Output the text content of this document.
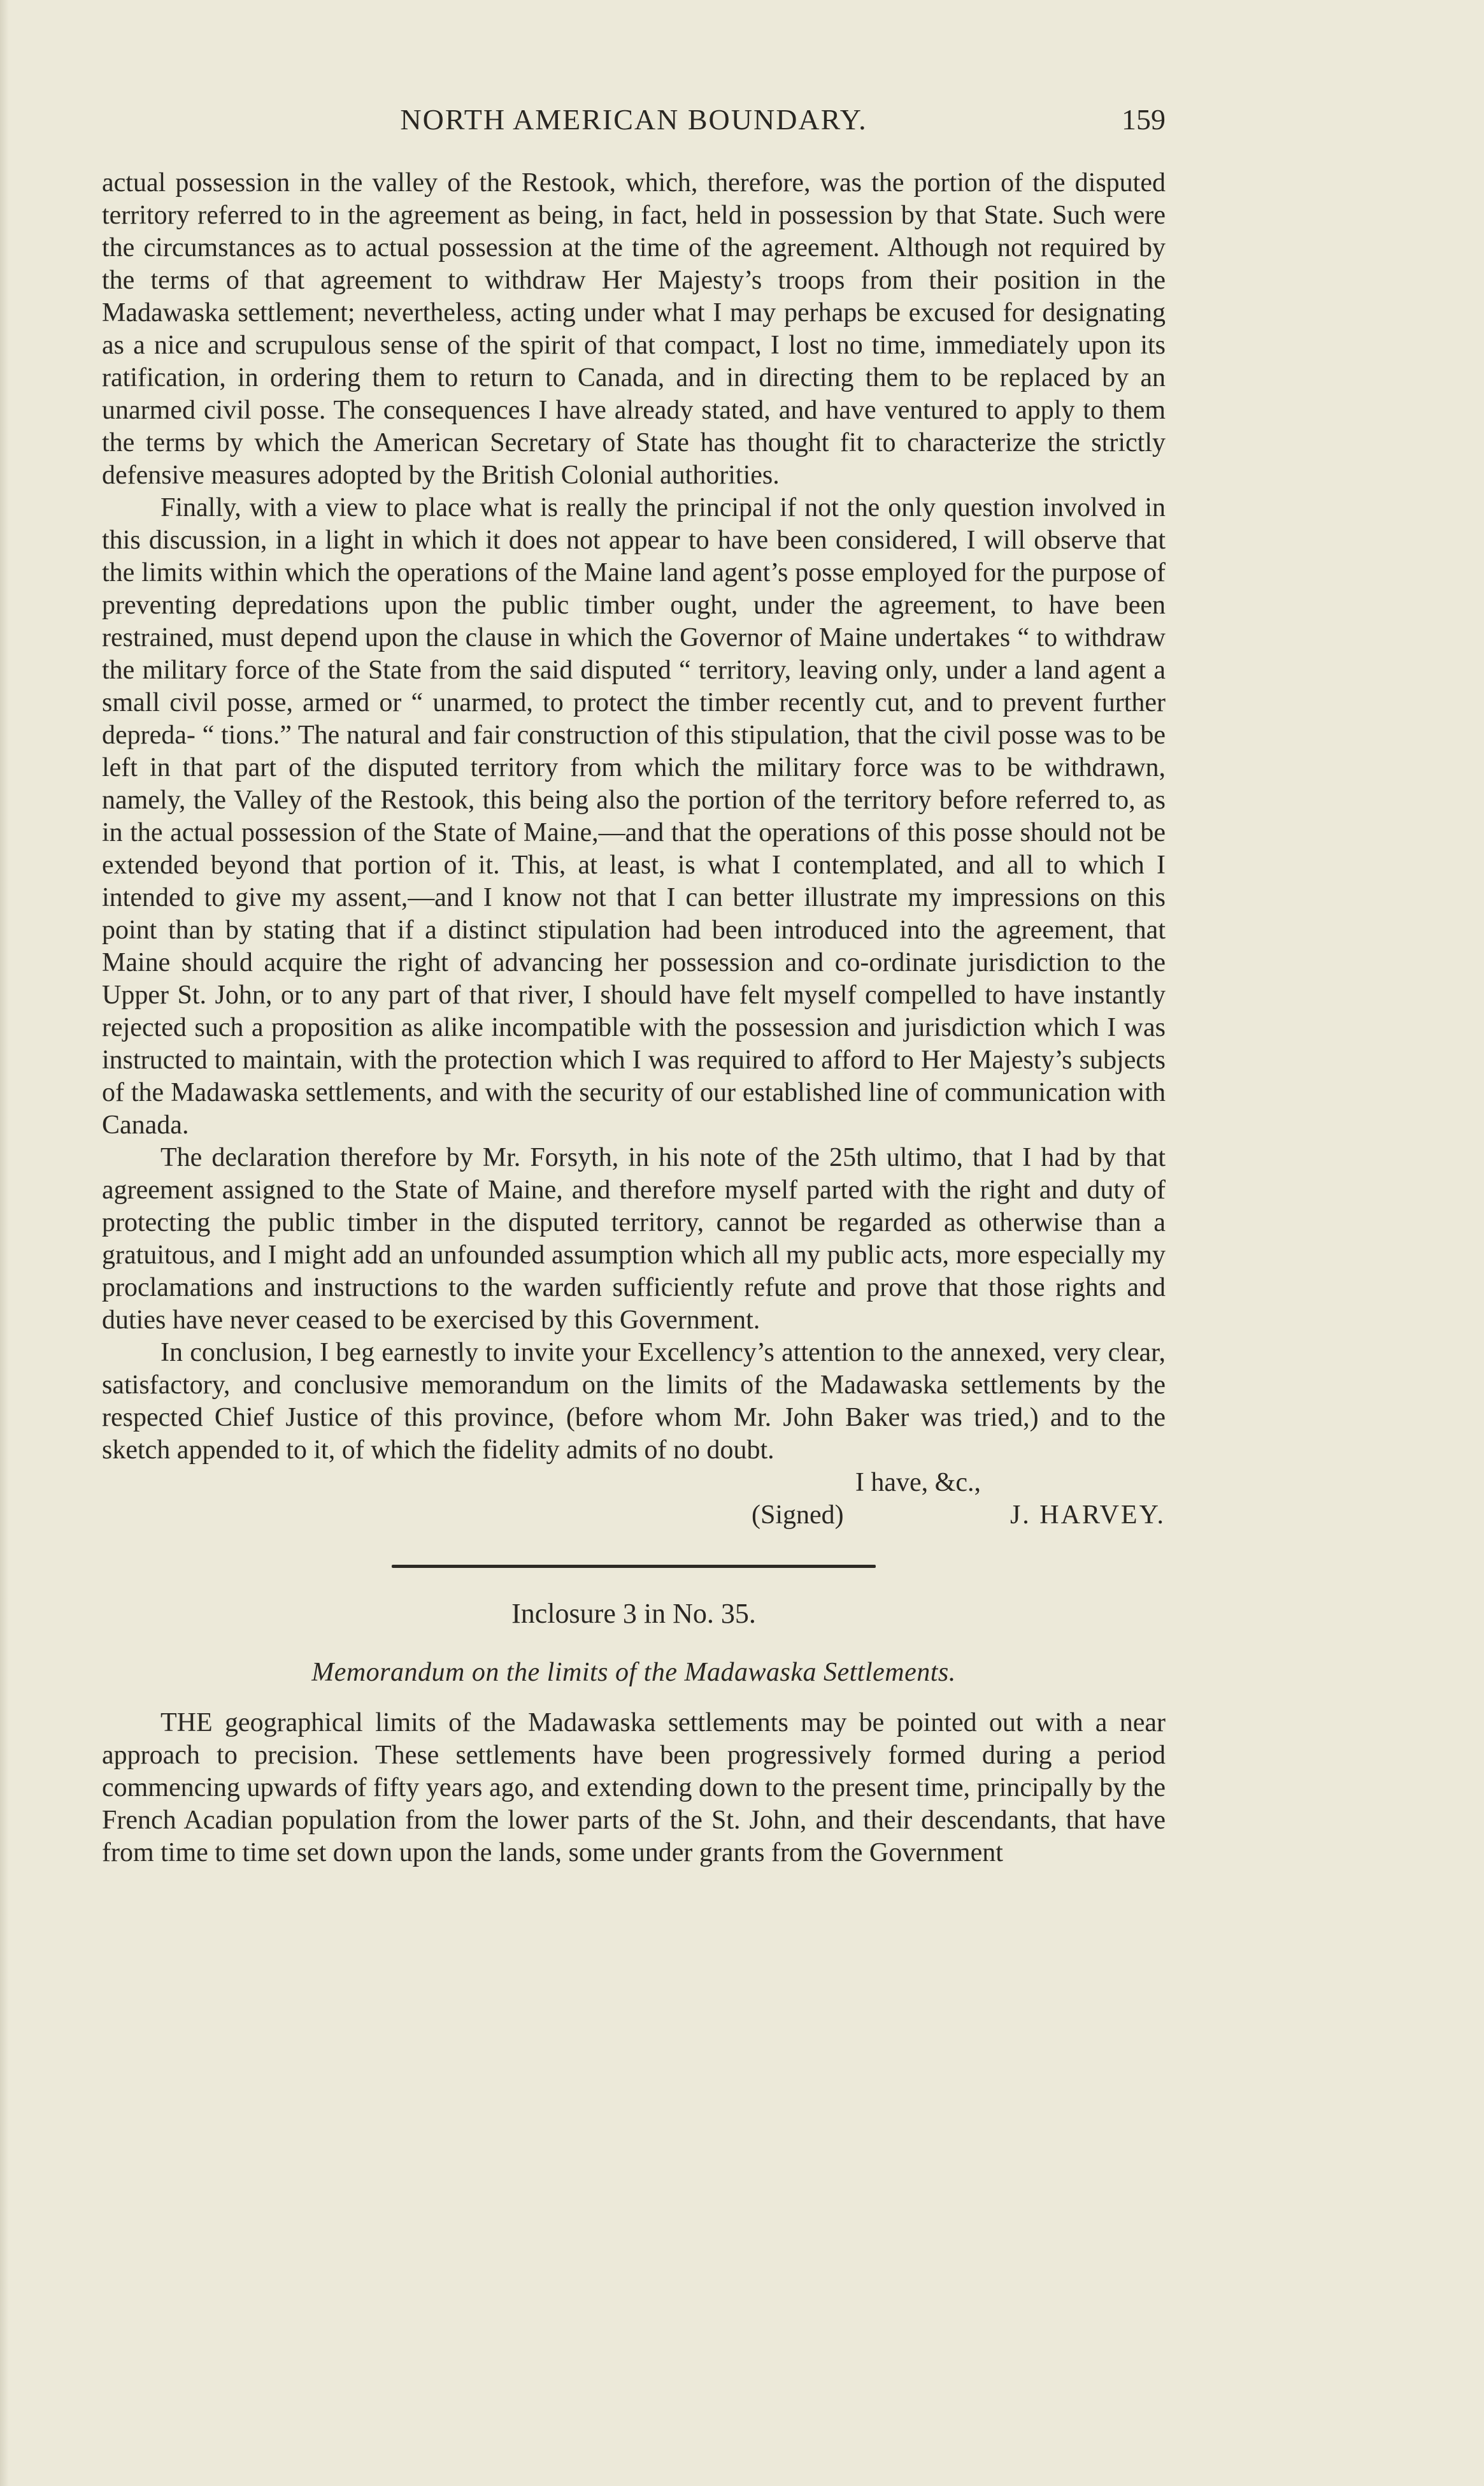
NORTH AMERICAN BOUNDARY.	159

actual possession in the valley of the Restook, which, therefore, was the portion of the disputed territory referred to in the agreement as being, in fact, held in possession by that State. Such were the circumstances as to actual possession at the time of the agreement. Although not required by the terms of that agreement to withdraw Her Majesty’s troops from their position in the Madawaska settlement; nevertheless, acting under what I may perhaps be excused for designating as a nice and scrupulous sense of the spirit of that compact, I lost no time, immediately upon its ratification, in ordering them to return to Canada, and in directing them to be replaced by an unarmed civil posse. The consequences I have already stated, and have ventured to apply to them the terms by which the American Secretary of State has thought fit to characterize the strictly defensive measures adopted by the British Colonial authorities.

Finally, with a view to place what is really the principal if not the only question involved in this discussion, in a light in which it does not appear to have been considered, I will observe that the limits within which the operations of the Maine land agent’s posse employed for the purpose of preventing depredations upon the public timber ought, under the agreement, to have been restrained, must depend upon the clause in which the Governor of Maine undertakes “ to withdraw the military force of the State from the said disputed “ territory, leaving only, under a land agent a small civil posse, armed or “ unarmed, to protect the timber recently cut, and to prevent further depreda- “ tions.” The natural and fair construction of this stipulation, that the civil posse was to be left in that part of the disputed territory from which the military force was to be withdrawn, namely, the Valley of the Restook, this being also the portion of the territory before referred to, as in the actual possession of the State of Maine,—and that the operations of this posse should not be extended beyond that portion of it. This, at least, is what I contemplated, and all to which I intended to give my assent,—and I know not that I can better illustrate my impressions on this point than by stating that if a distinct stipulation had been introduced into the agreement, that Maine should acquire the right of advancing her possession and co-ordinate jurisdiction to the Upper St. John, or to any part of that river, I should have felt myself compelled to have instantly rejected such a proposition as alike incompatible with the possession and jurisdiction which I was instructed to maintain, with the protection which I was required to afford to Her Majesty’s subjects of the Madawaska settlements, and with the security of our established line of communication with Canada.

The declaration therefore by Mr. Forsyth, in his note of the 25th ultimo, that I had by that agreement assigned to the State of Maine, and therefore myself parted with the right and duty of protecting the public timber in the disputed territory, cannot be regarded as otherwise than a gratuitous, and I might add an unfounded assumption which all my public acts, more especially my proclamations and instructions to the warden sufficiently refute and prove that those rights and duties have never ceased to be exercised by this Government.

In conclusion, I beg earnestly to invite your Excellency’s attention to the annexed, very clear, satisfactory, and conclusive memorandum on the limits of the Madawaska settlements by the respected Chief Justice of this province, (before whom Mr. John Baker was tried,) and to the sketch appended to it, of which the fidelity admits of no doubt.

I have, &c.,
(Signed)	J. HARVEY.
Inclosure 3 in No. 35.
Memorandum on the limits of the Madawaska Settlements.

THE geographical limits of the Madawaska settlements may be pointed out with a near approach to precision. These settlements have been progressively formed during a period commencing upwards of fifty years ago, and extending down to the present time, principally by the French Acadian population from the lower parts of the St. John, and their descendants, that have from time to time set down upon the lands, some under grants from the Government
